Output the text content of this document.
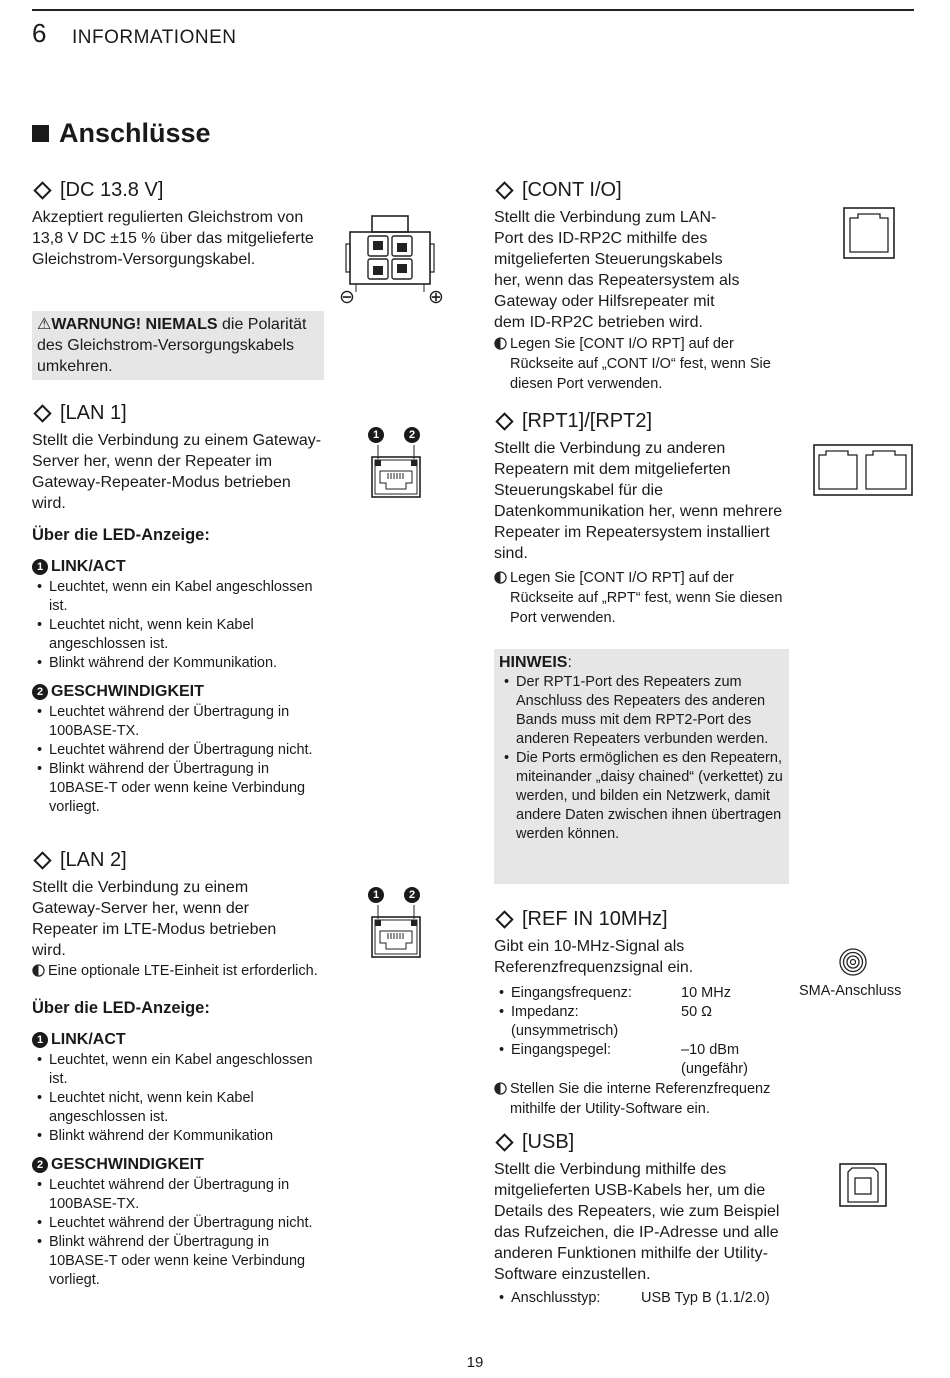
6 INFORMATIONEN
Anschlüsse
[DC 13.8 V]

Akzeptiert regulierten Gleichstrom von 13,8 V DC ±15 % über das mitgelieferte Gleichstrom-Versorgungskabel.

⚠WARNUNG! NIEMALS die Polarität des Gleichstrom-Versorgungskabels umkehren.

⊖	⊕
[LAN 1]

Stellt die Verbindung zu einem Gateway-Server her, wenn der Repeater im Gateway-Repeater-Modus betrieben wird.

Über die LED-Anzeige:

1 LINK/ACT

• Leuchtet, wenn ein Kabel angeschlossen ist.
• Leuchtet nicht, wenn kein Kabel angeschlossen ist.
• Blinkt während der Kommunikation.

2 GESCHWINDIGKEIT

• Leuchtet während der Übertragung in 100BASE-TX.
• Leuchtet während der Übertragung nicht.
• Blinkt während der Übertragung in 10BASE-T oder wenn keine Verbindung vorliegt.
1	2
[LAN 2]

Stellt die Verbindung zu einem Gateway-Server her, wenn der Repeater im LTE-Modus betrieben wird.

Eine optionale LTE-Einheit ist erforderlich.

Über die LED-Anzeige:

1 LINK/ACT

• Leuchtet, wenn ein Kabel angeschlossen ist.
• Leuchtet nicht, wenn kein Kabel angeschlossen ist.
• Blinkt während der Kommunikation

2 GESCHWINDIGKEIT

• Leuchtet während der Übertragung in 100BASE-TX.
• Leuchtet während der Übertragung nicht.
• Blinkt während der Übertragung in 10BASE-T oder wenn keine Verbindung vorliegt.
1	2
[CONT I/O]

Stellt die Verbindung zum LAN-Port des ID-RP2C mithilfe des mitgelieferten Steuerungskabels her, wenn das Repeatersystem als Gateway oder Hilfsrepeater mit dem ID-RP2C betrieben wird.

Legen Sie [CONT I/O RPT] auf der Rückseite auf „CONT I/O“ fest, wenn Sie diesen Port verwenden.
[RPT1]/[RPT2]

Stellt die Verbindung zu anderen Repeatern mit dem mitgelieferten Steuerungskabel für die Datenkommunikation her, wenn mehrere Repeater im Repeatersystem installiert sind.

Legen Sie [CONT I/O RPT] auf der Rückseite auf „RPT“ fest, wenn Sie diesen Port verwenden.

HINWEIS:

• Der RPT1-Port des Repeaters zum Anschluss des Repeaters des anderen Bands muss mit dem RPT2-Port des anderen Repeaters verbunden werden.
• Die Ports ermöglichen es den Repeatern, miteinander „daisy chained“ (verkettet) zu werden, und bilden ein Netzwerk, damit andere Daten zwischen ihnen übertragen werden können.
[REF IN 10MHz]

Gibt ein 10-MHz-Signal als Referenzfrequenzsignal ein.

• Eingangsfrequenz:	10 MHz
• Impedanz:	50 Ω
(unsymmetrisch)
• Eingangspegel:	–10 dBm
(ungefähr)
Stellen Sie die interne Referenzfrequenz mithilfe der Utility-Software ein.
SMA-Anschluss
[USB]

Stellt die Verbindung mithilfe des mitgelieferten USB-Kabels her, um die Details des Repeaters, wie zum Beispiel das Rufzeichen, die IP-Adresse und alle anderen Funktionen mithilfe der Utility-Software einzustellen.

• Anschlusstyp:	USB Typ B (1.1/2.0)
19
